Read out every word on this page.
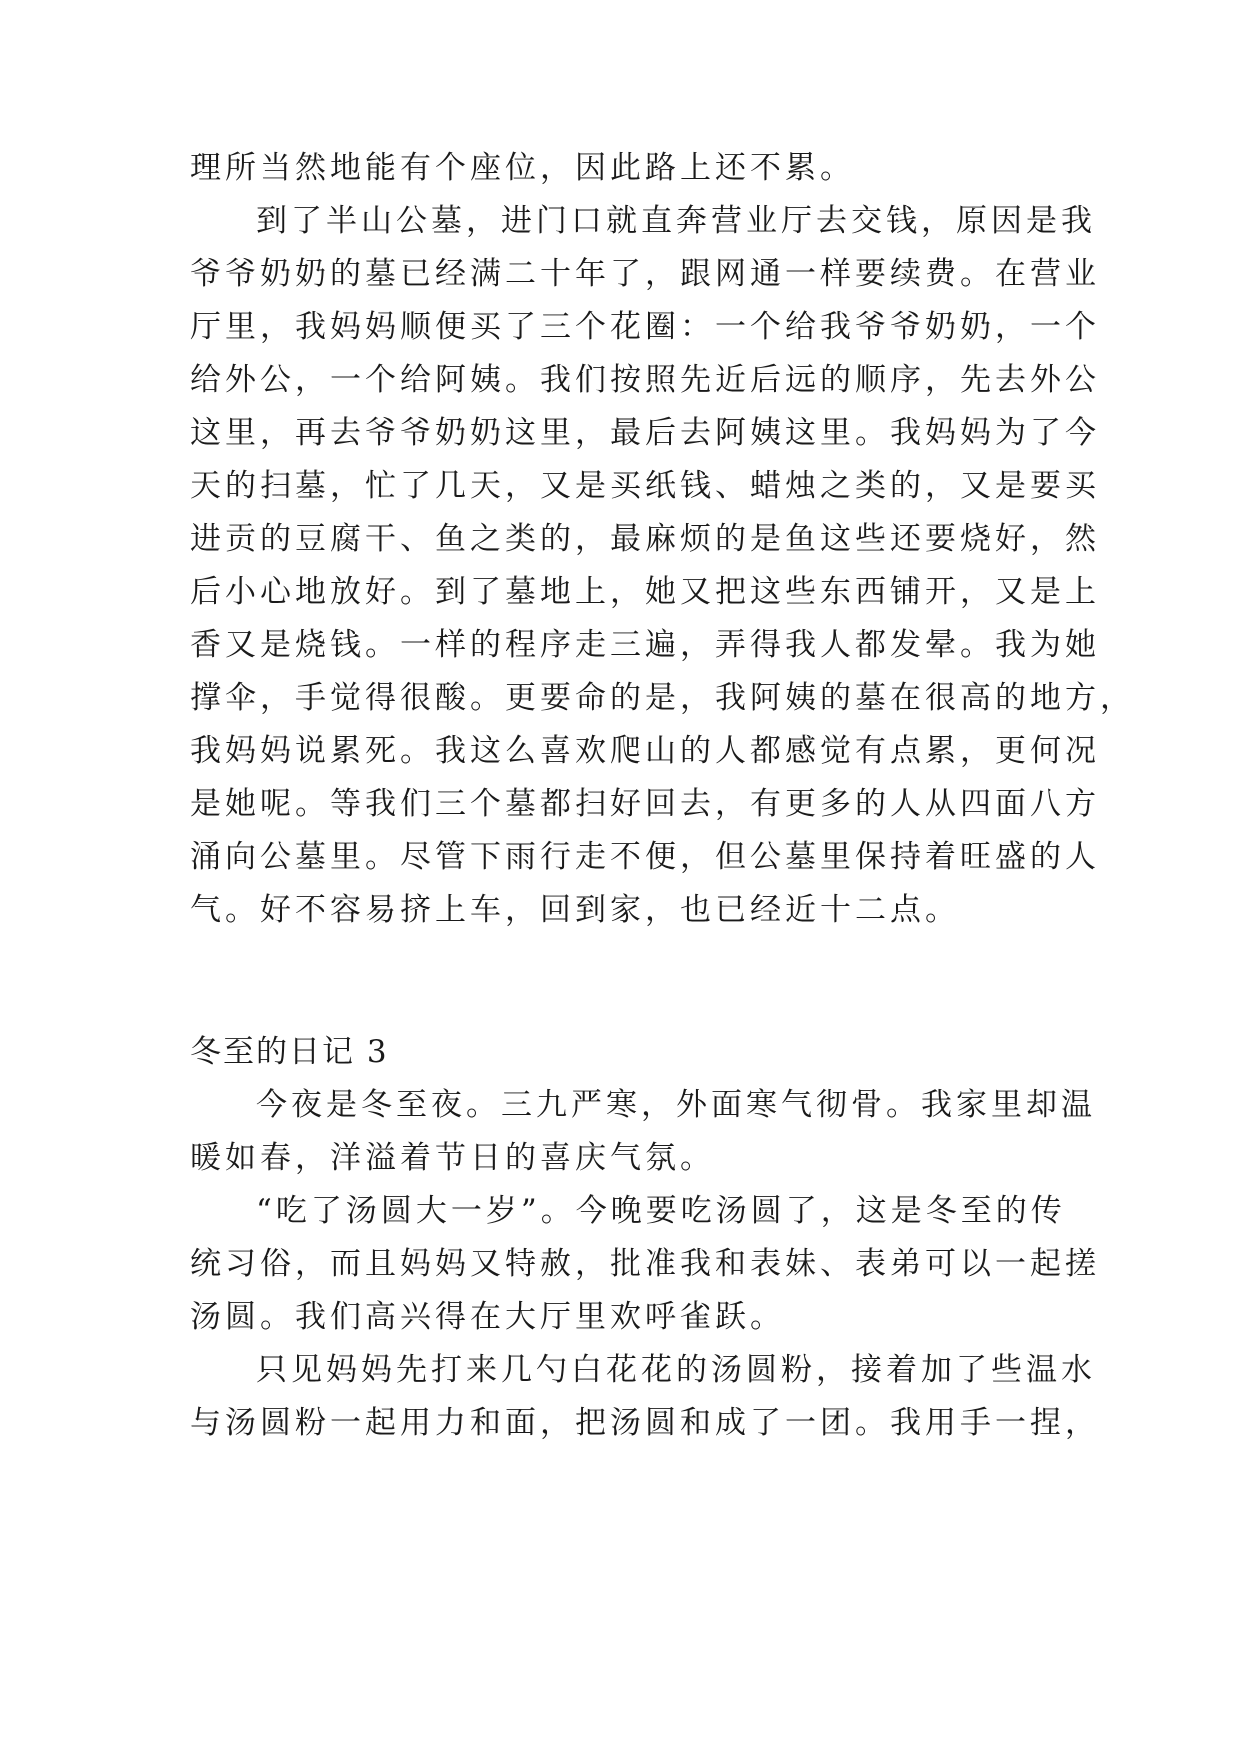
理所当然地能有个座位，因此路上还不累。
到了半山公墓，进门口就直奔营业厅去交钱，原因是我
爷爷奶奶的墓已经满二十年了，跟网通一样要续费。在营业
厅里，我妈妈顺便买了三个花圈：一个给我爷爷奶奶，一个
给外公，一个给阿姨。我们按照先近后远的顺序，先去外公
这里，再去爷爷奶奶这里，最后去阿姨这里。我妈妈为了今
天的扫墓，忙了几天，又是买纸钱、蜡烛之类的，又是要买
进贡的豆腐干、鱼之类的，最麻烦的是鱼这些还要烧好，然
后小心地放好。到了墓地上，她又把这些东西铺开，又是上
香又是烧钱。一样的程序走三遍，弄得我人都发晕。我为她
撑伞，手觉得很酸。更要命的是，我阿姨的墓在很高的地方，
我妈妈说累死。我这么喜欢爬山的人都感觉有点累，更何况
是她呢。等我们三个墓都扫好回去，有更多的人从四面八方
涌向公墓里。尽管下雨行走不便，但公墓里保持着旺盛的人
气。好不容易挤上车，回到家，也已经近十二点。
冬至的日记 3
今夜是冬至夜。三九严寒，外面寒气彻骨。我家里却温
暖如春，洋溢着节日的喜庆气氛。
“吃了汤圆大一岁”。今晚要吃汤圆了，这是冬至的传
统习俗，而且妈妈又特赦，批准我和表妹、表弟可以一起搓
汤圆。我们高兴得在大厅里欢呼雀跃。
只见妈妈先打来几勺白花花的汤圆粉，接着加了些温水
与汤圆粉一起用力和面，把汤圆和成了一团。我用手一捏，
